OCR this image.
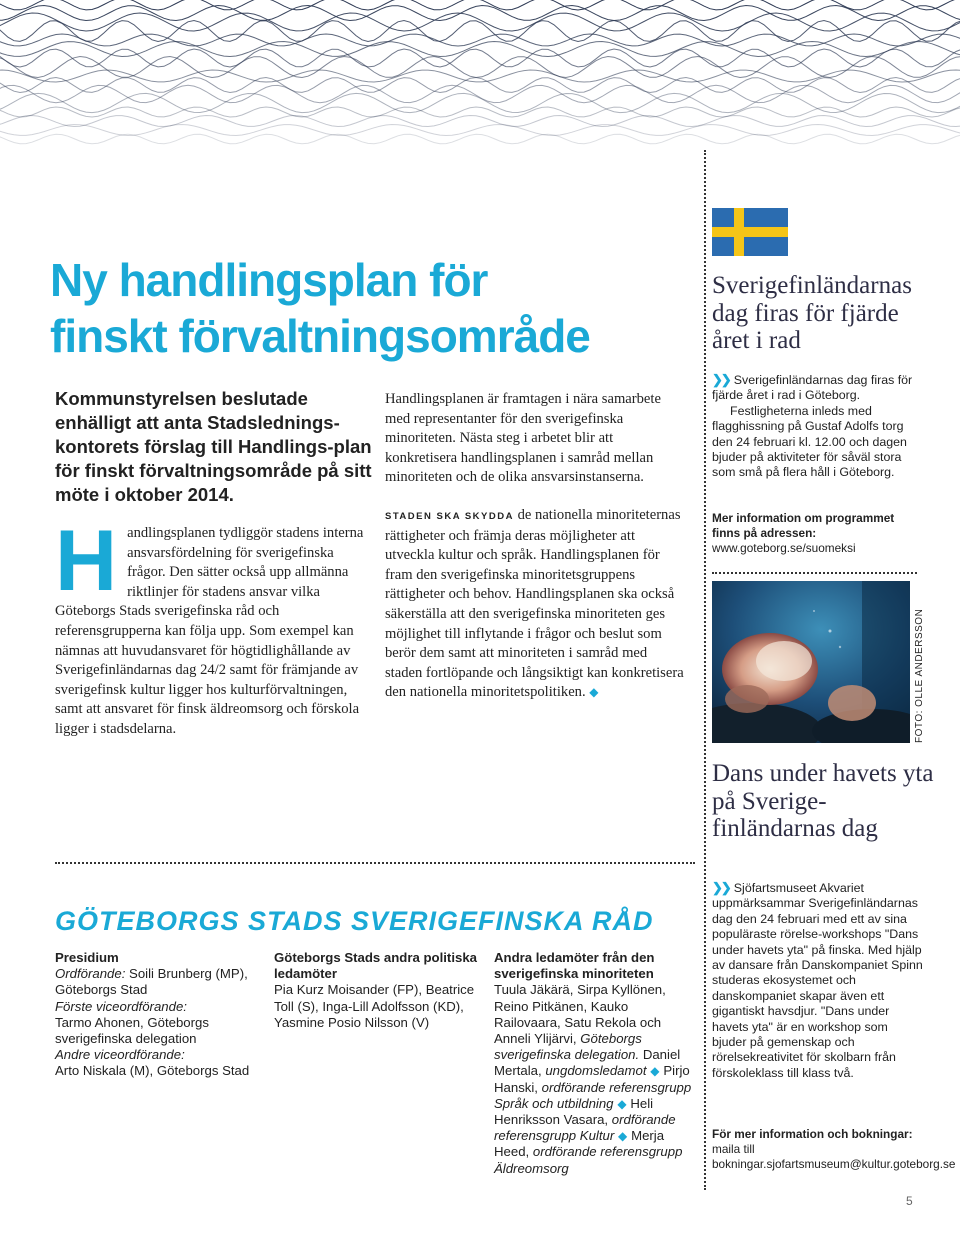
Ny handlingsplan för
finskt förvaltningsområde
Kommunstyrelsen beslutade enhälligt att anta Stadslednings-kontorets förslag till Handlings-plan för finskt förvaltningsområde på sitt möte i oktober 2014.
H andlingsplanen tydliggör stadens interna ansvarsfördelning för sverigefinska frågor. Den sätter också upp allmänna riktlinjer för stadens ansvar vilka Göteborgs Stads sverigefinska råd och referensgrupperna kan följa upp. Som exempel kan nämnas att huvudansvaret för högtidlighållande av Sverigefinländarnas dag 24/2 samt för främjande av sverigefinsk kultur ligger hos kulturförvaltningen, samt att ansvaret för finsk äldreomsorg och förskola ligger i stadsdelarna.

Handlingsplanen är framtagen i nära samarbete med representanter för den sverigefinska minoriteten. Nästa steg i arbetet blir att konkretisera handlingsplanen i samråd mellan minoriteten och de olika ansvarsinstanserna.

STADEN SKA SKYDDA de nationella minoriteternas rättigheter och främja deras möjligheter att utveckla kultur och språk. Handlingsplanen för fram den sverigefinska minoritetsgruppens rättigheter och behov. Handlingsplanen ska också säkerställa att den sverigefinska minoriteten ges möjlighet till inflytande i frågor och beslut som berör dem samt att minoriteten i samråd med staden fortlöpande och långsiktigt kan konkretisera den nationella minoritetspolitiken. ◆

GÖTEBORGS STADS SVERIGEFINSKA RÅD
Presidium
Ordförande: Soili Brunberg (MP), Göteborgs Stad
Förste viceordförande:
Tarmo Ahonen, Göteborgs sverigefinska delegation
Andre viceordförande:
Arto Niskala (M), Göteborgs Stad
Göteborgs Stads andra politiska ledamöter
Pia Kurz Moisander (FP), Beatrice Toll (S), Inga-Lill Adolfsson (KD), Yasmine Posio Nilsson (V)
Andra ledamöter från den sverigefinska minoriteten
Tuula Jäkärä, Sirpa Kyllönen, Reino Pitkänen, Kauko Railovaara, Satu Rekola och Anneli Ylijärvi, Göteborgs sverigefinska delegation. Daniel Mertala, ungdomsledamot ◆ Pirjo Hanski, ordförande referensgrupp Språk och utbildning ◆ Heli Henriksson Vasara, ordförande referensgrupp Kultur ◆ Merja Heed, ordförande referensgrupp Äldreomsorg
Sverigefinländarnas dag firas för fjärde året i rad
❯❯ Sverigefinländarnas dag firas för fjärde året i rad i Göteborg.
Festligheterna inleds med flagghissning på Gustaf Adolfs torg den 24 februari kl. 12.00 och dagen bjuder på aktiviteter för såväl stora som små på flera håll i Göteborg.
Mer information om programmet finns på adressen: www.goteborg.se/suomeksi
FOTO: OLLE ANDERSSON
Dans under havets yta på Sverige-finländarnas dag
❯❯ Sjöfartsmuseet Akvariet uppmärksammar Sverigefinländarnas dag den 24 februari med ett av sina populäraste rörelse-workshops "Dans under havets yta" på finska. Med hjälp av dansare från Danskompaniet Spinn studeras ekosystemet och danskompaniet skapar även ett gigantiskt havsdjur. "Dans under havets yta" är en workshop som bjuder på gemenskap och rörelsekreativitet för skolbarn från förskoleklass till klass två.
För mer information och bokningar:
maila till bokningar.sjofartsmuseum@kultur.goteborg.se
5
